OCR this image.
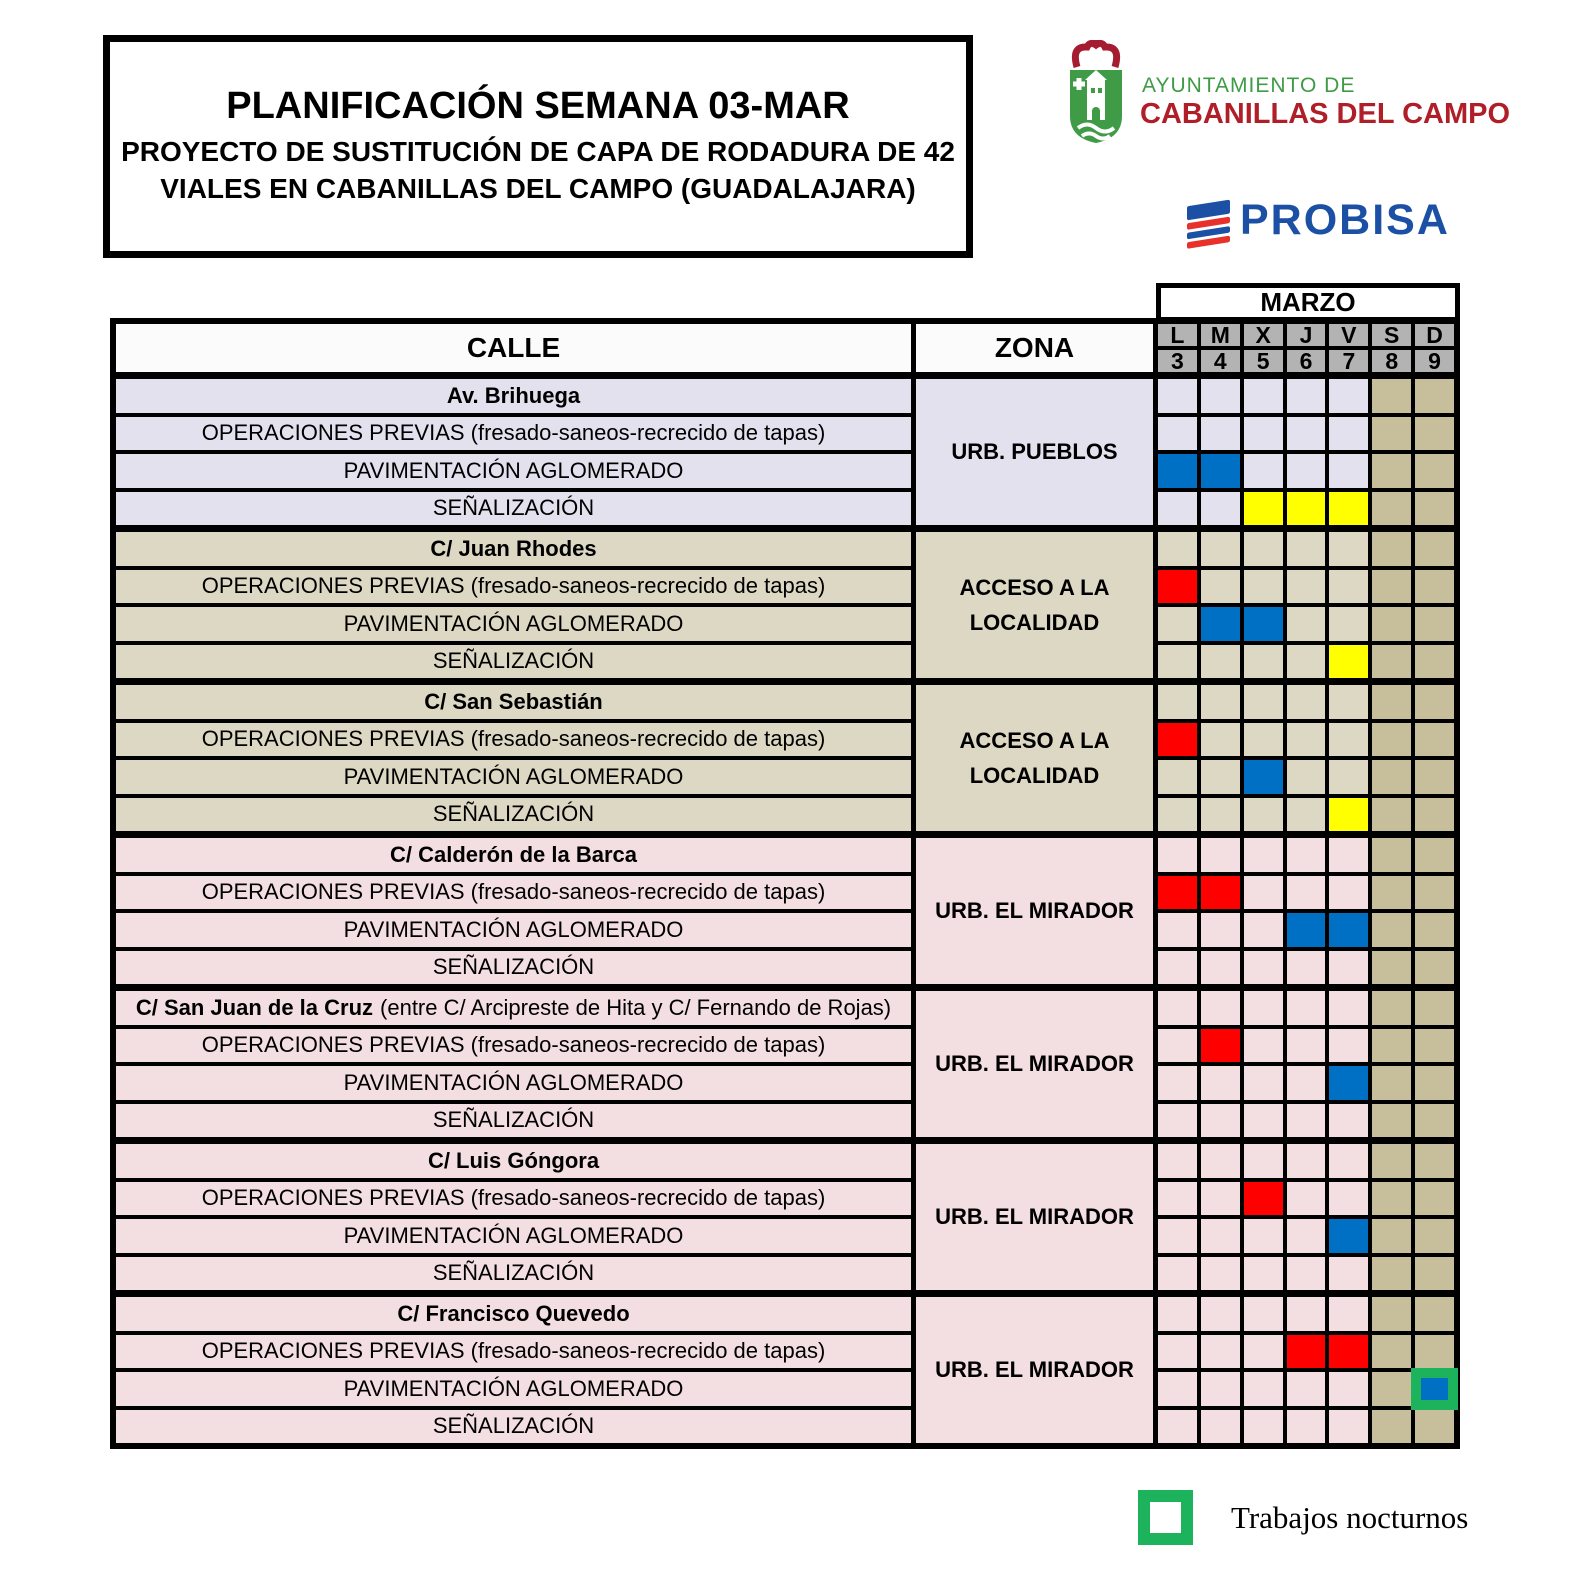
PLANIFICACIÓN SEMANA 03-MAR
PROYECTO DE SUSTITUCIÓN DE CAPA DE RODADURA DE 42
VIALES EN CABANILLAS DEL CAMPO (GUADALAJARA)
AYUNTAMIENTO DE
CABANILLAS DEL CAMPO
PROBISA
MARZO
CALLE	ZONA	L
3
M
4
X
5
J
6
V
7
S
8
D
9
Av. Brihuega
URB. PUEBLOS
OPERACIONES PREVIAS (fresado-saneos-recrecido de tapas)
PAVIMENTACIÓN AGLOMERADO
SEÑALIZACIÓN
C/ Juan Rhodes
ACCESO A LA LOCALIDAD
OPERACIONES PREVIAS (fresado-saneos-recrecido de tapas)
PAVIMENTACIÓN AGLOMERADO
SEÑALIZACIÓN
C/ San Sebastián
ACCESO A LA LOCALIDAD
OPERACIONES PREVIAS (fresado-saneos-recrecido de tapas)
PAVIMENTACIÓN AGLOMERADO
SEÑALIZACIÓN
C/ Calderón de la Barca
URB. EL MIRADOR
OPERACIONES PREVIAS (fresado-saneos-recrecido de tapas)
PAVIMENTACIÓN AGLOMERADO
SEÑALIZACIÓN
C/ San Juan de la Cruz (entre C/ Arcipreste de Hita y C/ Fernando de Rojas)
URB. EL MIRADOR
OPERACIONES PREVIAS (fresado-saneos-recrecido de tapas)
PAVIMENTACIÓN AGLOMERADO
SEÑALIZACIÓN
C/ Luis Góngora
URB. EL MIRADOR
OPERACIONES PREVIAS (fresado-saneos-recrecido de tapas)
PAVIMENTACIÓN AGLOMERADO
SEÑALIZACIÓN
C/ Francisco Quevedo
URB. EL MIRADOR
OPERACIONES PREVIAS (fresado-saneos-recrecido de tapas)
PAVIMENTACIÓN AGLOMERADO
SEÑALIZACIÓN
Trabajos nocturnos
